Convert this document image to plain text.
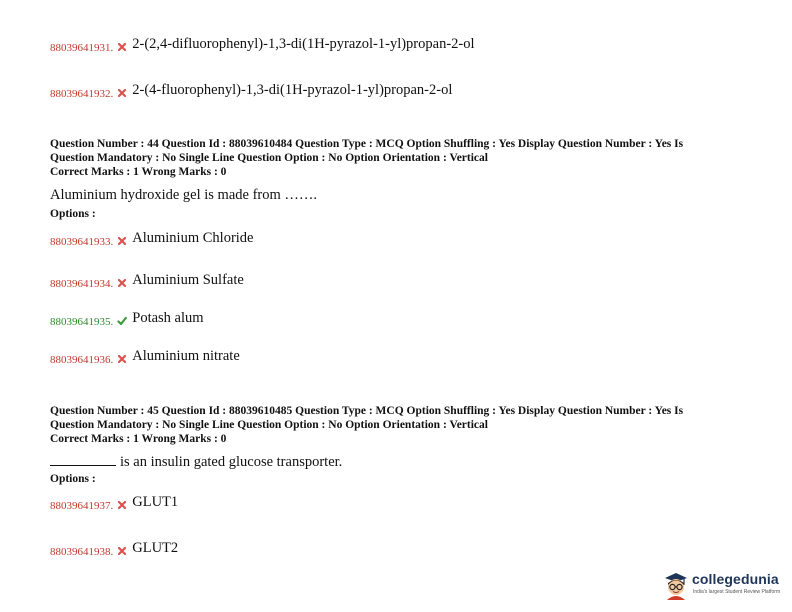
88039641931. 2-(2,4-difluorophenyl)-1,3-di(1H-pyrazol-1-yl)propan-2-ol
88039641932. 2-(4-fluorophenyl)-1,3-di(1H-pyrazol-1-yl)propan-2-ol
Question Number : 44 Question Id : 88039610484 Question Type : MCQ Option Shuffling : Yes Display Question Number : Yes Is
Question Mandatory : No Single Line Question Option : No Option Orientation : Vertical
Correct Marks : 1 Wrong Marks : 0
Aluminium hydroxide gel is made from …….
Options :
88039641933. Aluminium Chloride
88039641934. Aluminium Sulfate
88039641935. Potash alum
88039641936. Aluminium nitrate
Question Number : 45 Question Id : 88039610485 Question Type : MCQ Option Shuffling : Yes Display Question Number : Yes Is
Question Mandatory : No Single Line Question Option : No Option Orientation : Vertical
Correct Marks : 1 Wrong Marks : 0
is an insulin gated glucose transporter.
Options :
88039641937. GLUT1
88039641938. GLUT2
collegedunia
India's largest Student Review Platform
